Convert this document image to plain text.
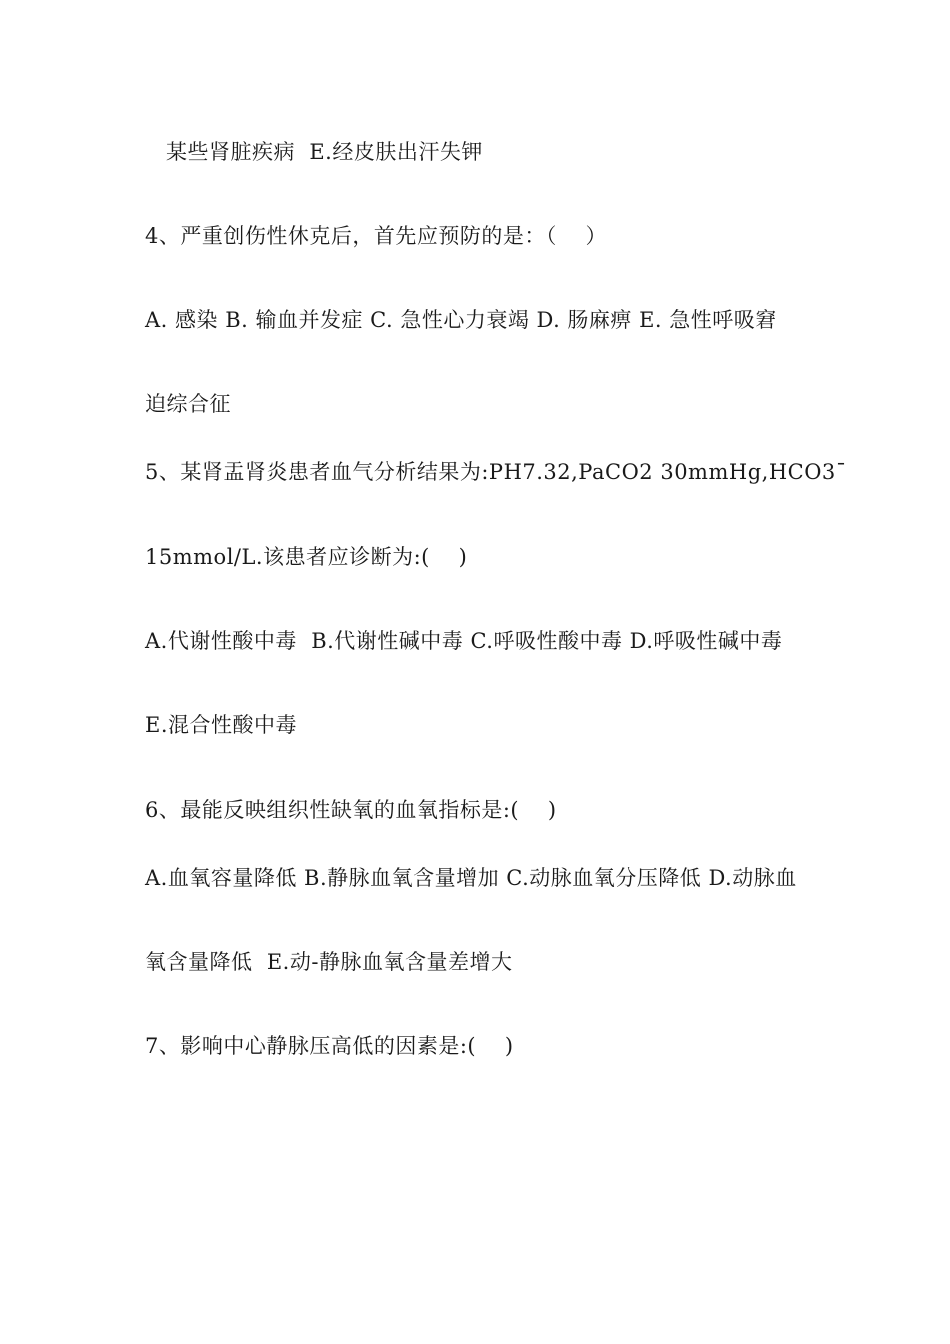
某些肾脏疾病  E.经皮肤出汗失钾
4、严重创伤性休克后，首先应预防的是：（    ）
A. 感染 B. 输血并发症 C. 急性心力衰竭 D. 肠麻痹 E. 急性呼吸窘
迫综合征
5、某肾盂肾炎患者血气分析结果为:PH7.32,PaCO2 30mmHg,HCO3ˉ
15mmol/L.该患者应诊断为:(    )
A.代谢性酸中毒  B.代谢性碱中毒 C.呼吸性酸中毒 D.呼吸性碱中毒
E.混合性酸中毒
6、最能反映组织性缺氧的血氧指标是:(    )
A.血氧容量降低 B.静脉血氧含量增加 C.动脉血氧分压降低 D.动脉血
氧含量降低  E.动-静脉血氧含量差增大
7、影响中心静脉压高低的因素是:(    )
